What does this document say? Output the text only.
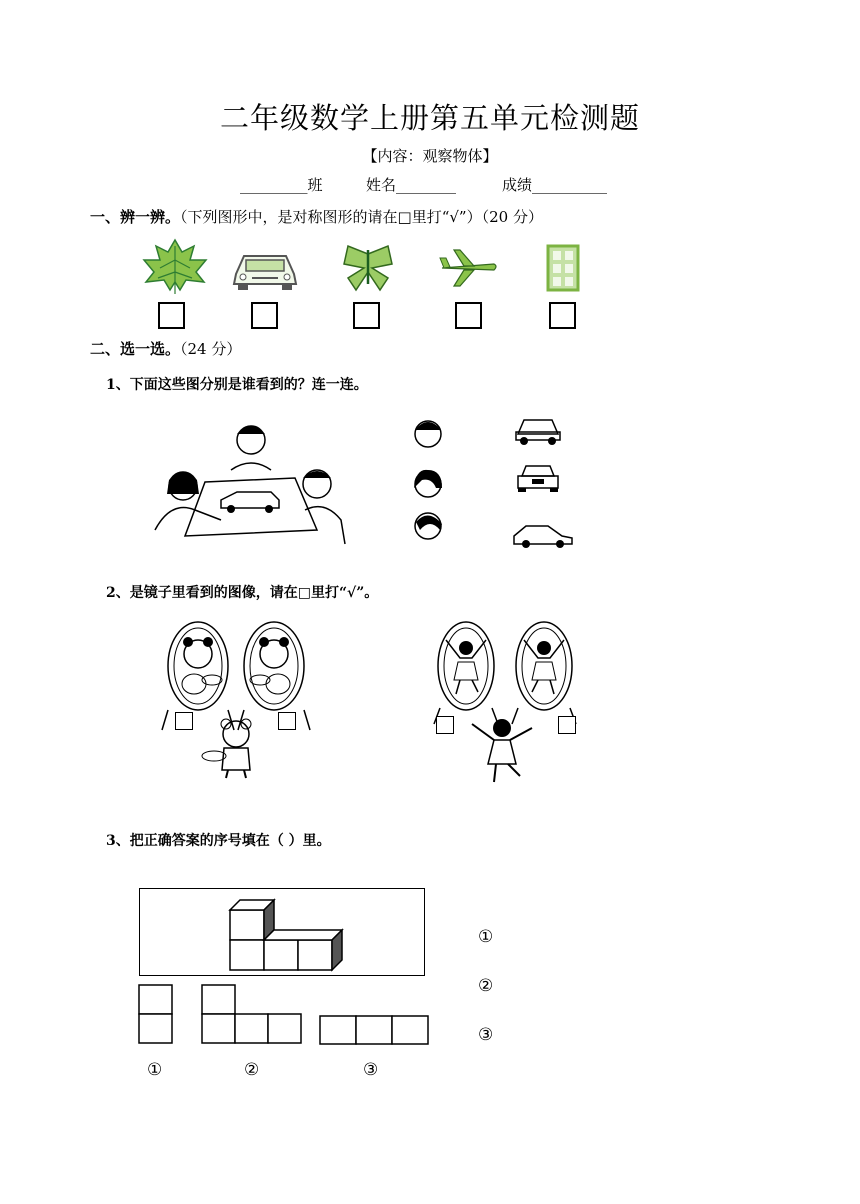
二年级数学上册第五单元检测题
【内容：观察物体】
_________班	姓名________	成绩__________
一、辨一辨。（下列图形中，是对称图形的请在□里打“√”）（20 分）
二、选一选。（24 分）
1、下面这些图分别是谁看到的？连一连。
2、是镜子里看到的图像，请在□里打“√”。
3、把正确答案的序号填在（ ）里。
①	②	③
①
②
③
